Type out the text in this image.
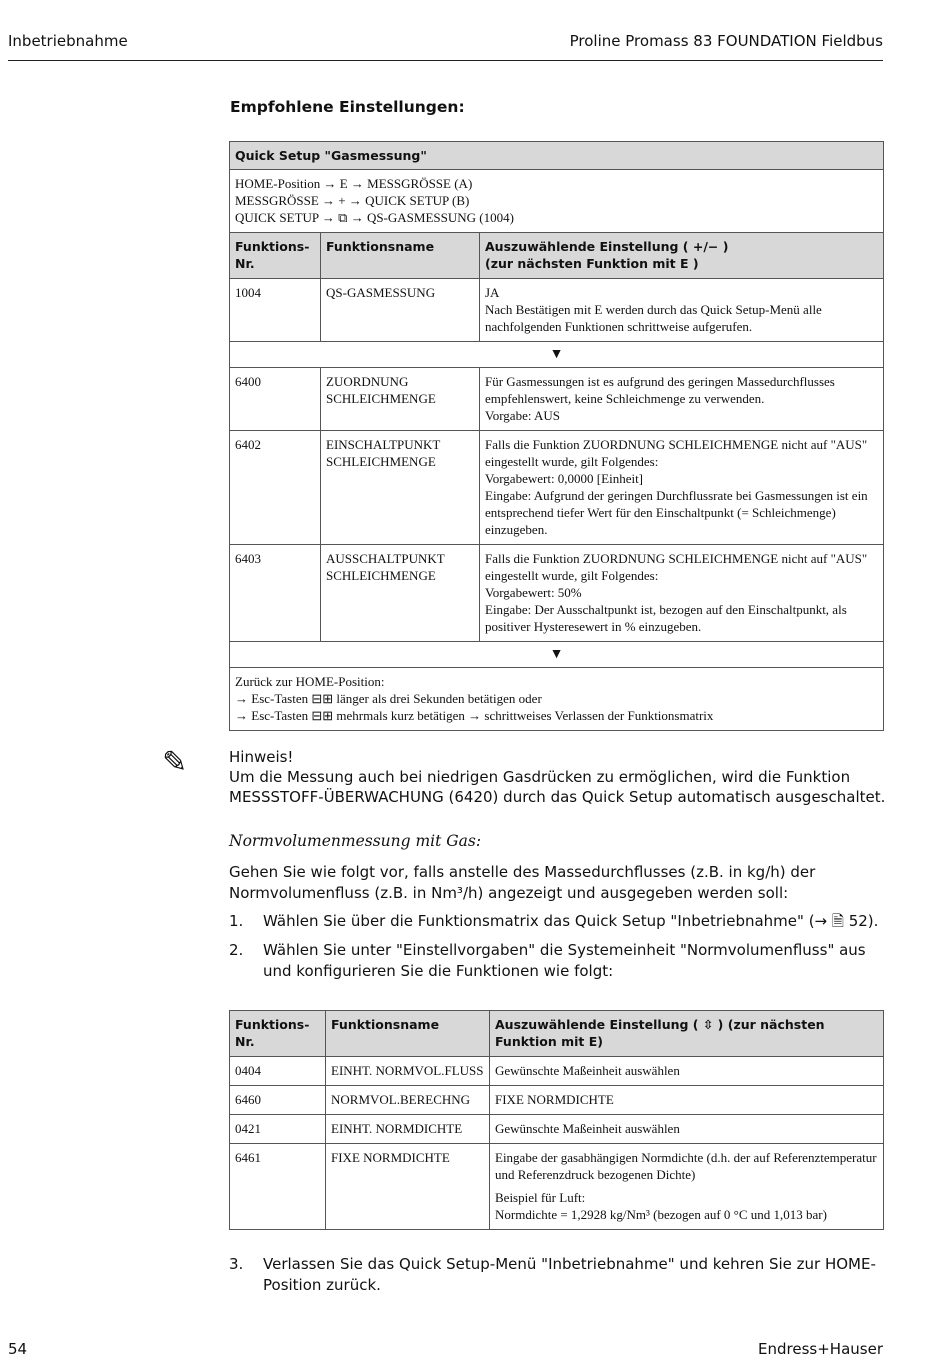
Inbetriebnahme	Proline Promass 83 FOUNDATION Fieldbus
Empfohlene Einstellungen:
Quick Setup "Gasmessung"		

HOME-Position → E → MESSGRÖSSE (A)
MESSGRÖSSE → + → QUICK SETUP (B)
QUICK SETUP → ⧉ → QS-GASMESSUNG (1004)		

Funktions-Nr.	Funktionsname	Auszuwählende Einstellung ( +/− )
(zur nächsten Funktion mit E )

1004	QS-GASMESSUNG	JA
Nach Bestätigen mit E werden durch das Quick Setup-Menü alle nachfolgenden Funktionen schrittweise aufgerufen.

▼		
6400	ZUORDNUNG SCHLEICHMENGE	Für Gasmessungen ist es aufgrund des geringen Massedurchflusses empfehlenswert, keine Schleichmenge zu verwenden.
Vorgabe: AUS

6402	EINSCHALTPUNKT SCHLEICHMENGE	Falls die Funktion ZUORDNUNG SCHLEICHMENGE nicht auf "AUS" eingestellt wurde, gilt Folgendes:
Vorgabewert: 0,0000 [Einheit]
Eingabe: Aufgrund der geringen Durchflussrate bei Gasmessungen ist ein entsprechend tiefer Wert für den Einschaltpunkt (= Schleichmenge) einzugeben.

6403	AUSSCHALTPUNKT SCHLEICHMENGE	Falls die Funktion ZUORDNUNG SCHLEICHMENGE nicht auf "AUS" eingestellt wurde, gilt Folgendes:
Vorgabewert: 50%
Eingabe: Der Ausschaltpunkt ist, bezogen auf den Einschaltpunkt, als positiver Hysteresewert in % einzugeben.

▼		

Zurück zur HOME-Position:
→ Esc-Tasten ⊟⊞ länger als drei Sekunden betätigen oder
→ Esc-Tasten ⊟⊞ mehrmals kurz betätigen → schrittweises Verlassen der Funktionsmatrix		
✎	Hinweis!
Um die Messung auch bei niedrigen Gasdrücken zu ermöglichen, wird die Funktion MESSSTOFF-ÜBERWACHUNG (6420) durch das Quick Setup automatisch ausgeschaltet.
Normvolumenmessung mit Gas:
Gehen Sie wie folgt vor, falls anstelle des Massedurchflusses (z.B. in kg/h) der Normvolumenfluss (z.B. in Nm³/h) angezeigt und ausgegeben werden soll:
1. Wählen Sie über die Funktionsmatrix das Quick Setup "Inbetriebnahme" (→ 🗎 52).
2. Wählen Sie unter "Einstellvorgaben" die Systemeinheit "Normvolumenfluss" aus und konfigurieren Sie die Funktionen wie folgt:
Funktions-Nr.	Funktionsname	Auszuwählende Einstellung ( ⇳ ) (zur nächsten Funktion mit E)
0404	EINHT. NORMVOL.FLUSS	Gewünschte Maßeinheit auswählen
6460	NORMVOL.BERECHNG	FIXE NORMDICHTE
0421	EINHT. NORMDICHTE	Gewünschte Maßeinheit auswählen
6461	FIXE NORMDICHTE	Eingabe der gasabhängigen Normdichte (d.h. der auf Referenztemperatur und Referenzdruck bezogenen Dichte)
Beispiel für Luft:
Normdichte = 1,2928 kg/Nm³ (bezogen auf 0 °C und 1,013 bar)
3. Verlassen Sie das Quick Setup-Menü "Inbetriebnahme" und kehren Sie zur HOME-Position zurück.
54	Endress+Hauser
